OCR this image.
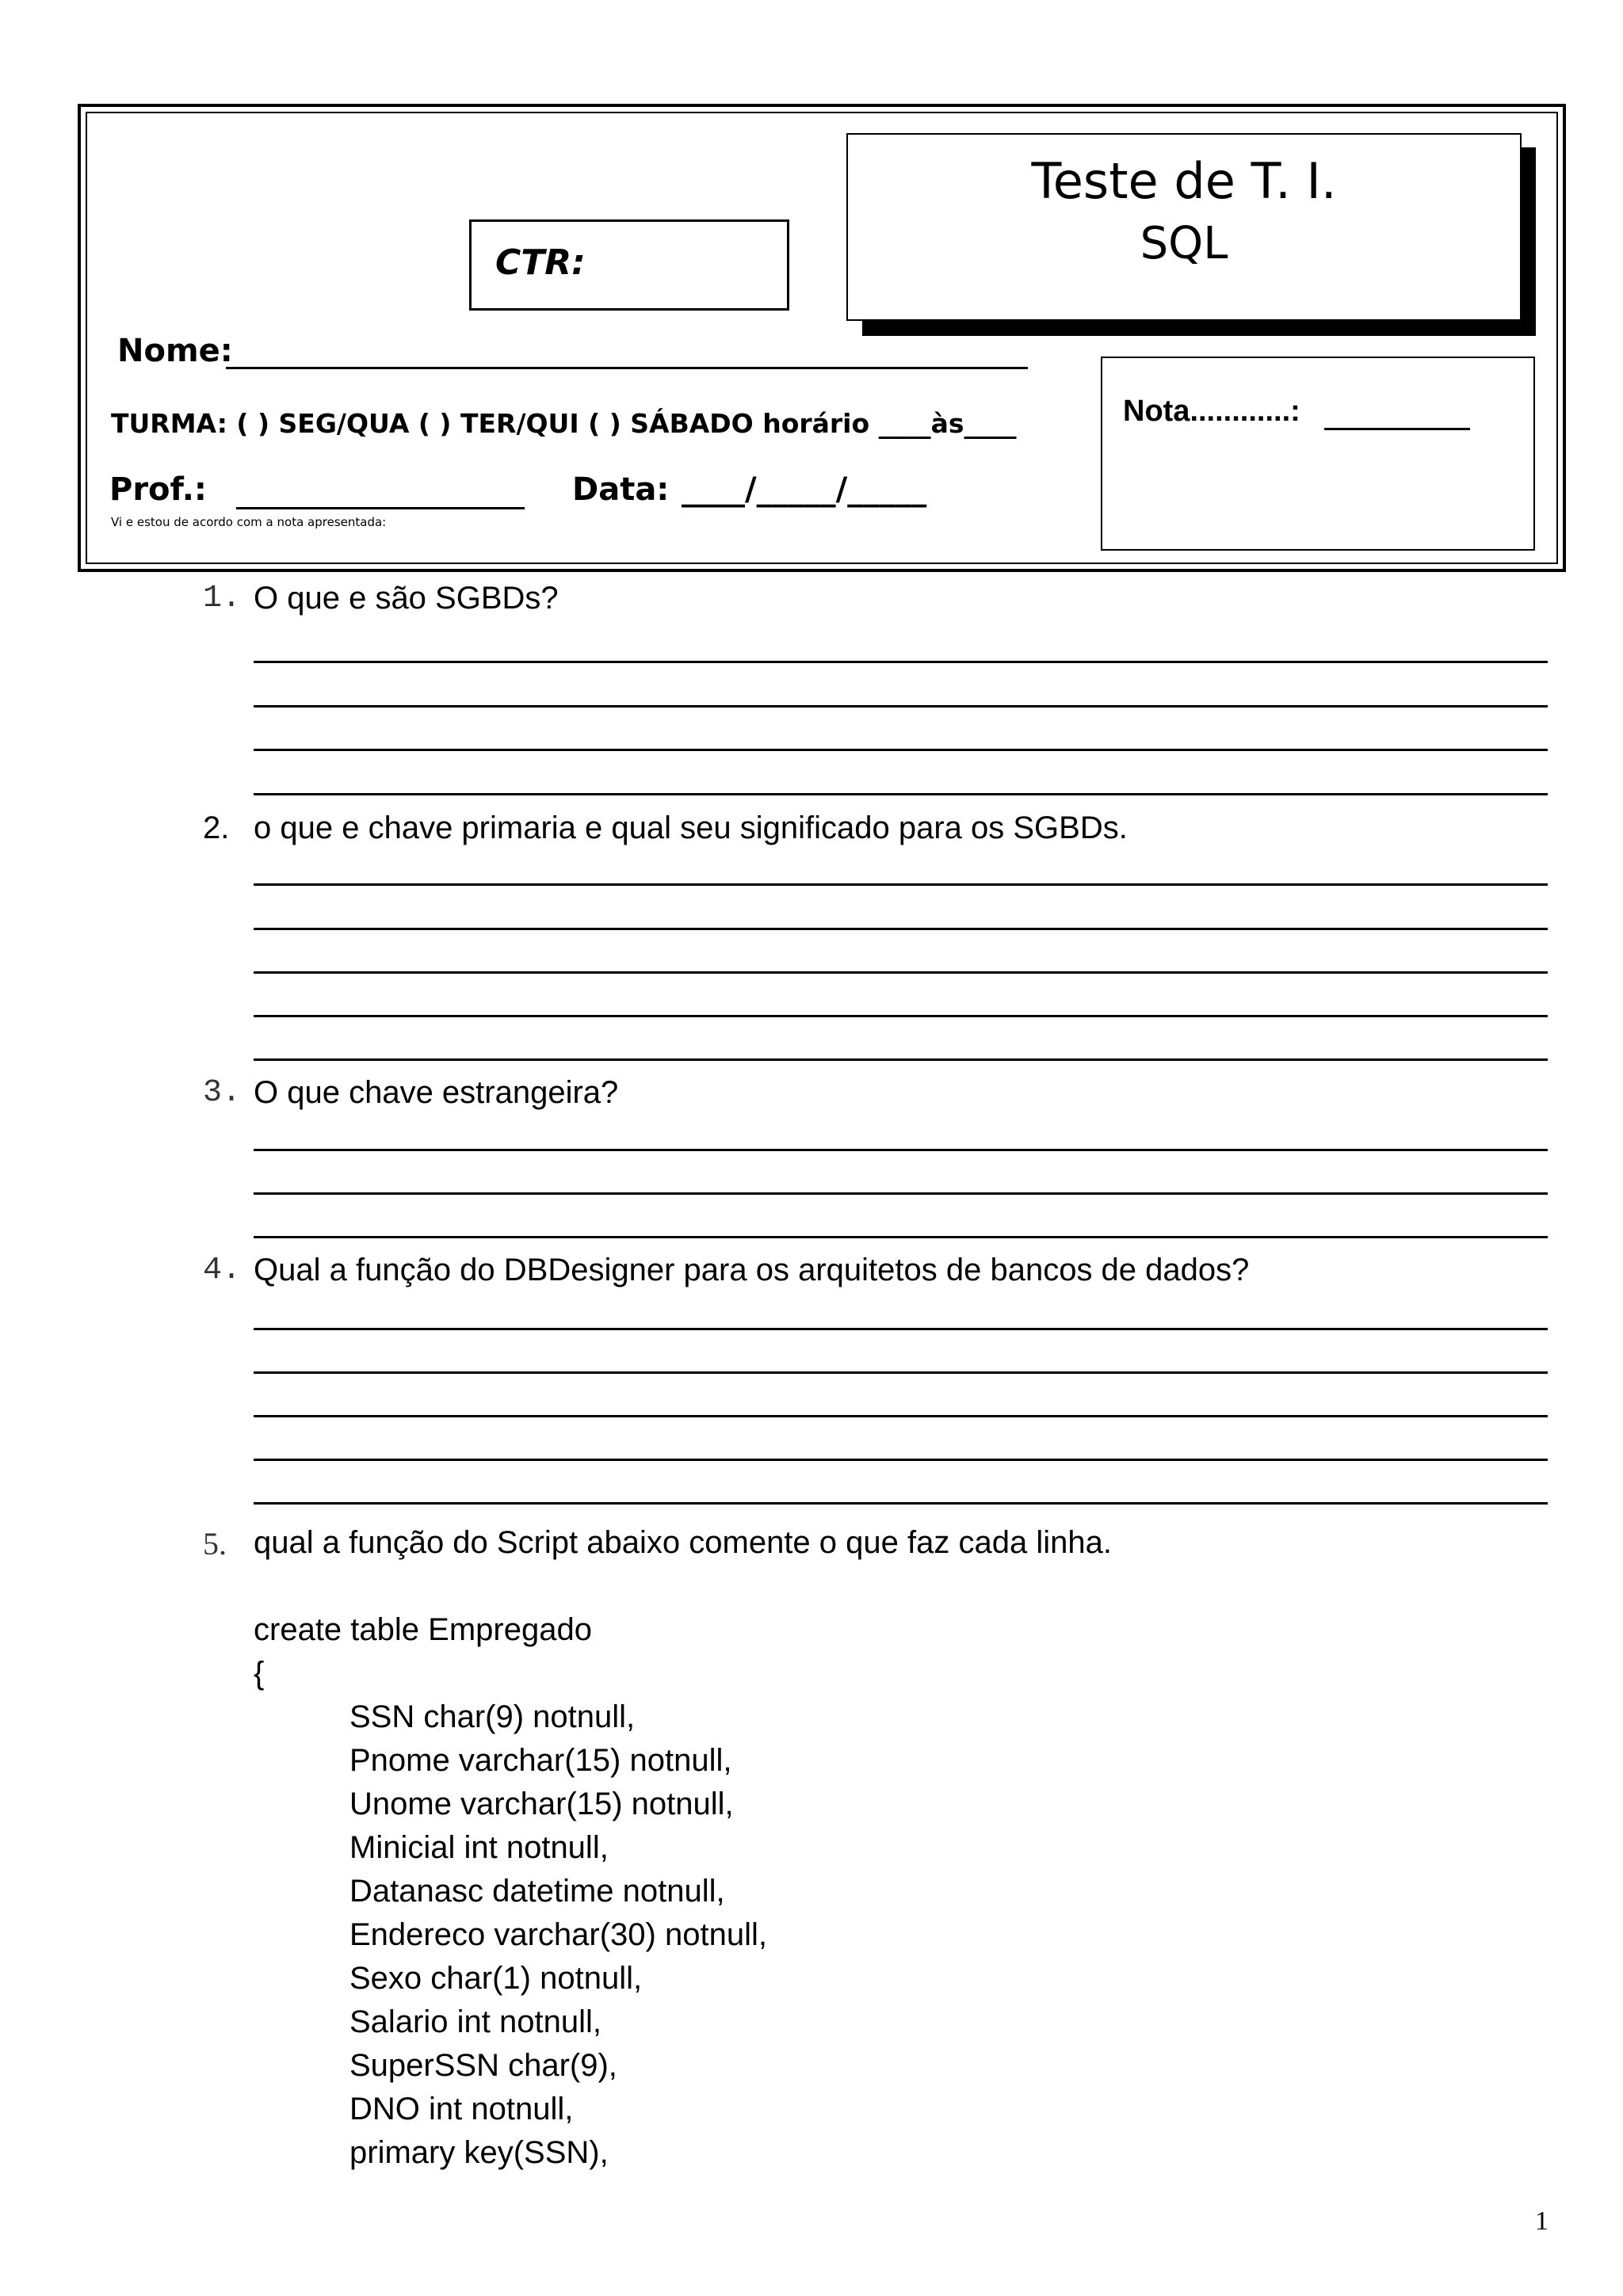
Teste de T. I.
SQL
CTR:
Nome:
TURMA: ( ) SEG/QUA ( ) TER/QUI ( ) SÁBADO horário ____às____
Prof.:	Data: ____/_____/_____
Vi e estou de acordo com a nota apresentada:
Nota............:
1. O que e são SGBDs?
2. o que e chave primaria e qual seu significado para os SGBDs.
3. O que chave estrangeira?
4. Qual a função do DBDesigner para os arquitetos de bancos de dados?
5. qual a função do Script abaixo comente o que faz cada linha.
create table Empregado
{
SSN char(9) notnull,
Pnome varchar(15) notnull,
Unome varchar(15) notnull,
Minicial int notnull,
Datanasc datetime notnull,
Endereco varchar(30) notnull,
Sexo char(1) notnull,
Salario int notnull,
SuperSSN char(9),
DNO int notnull,
primary key(SSN),
1
